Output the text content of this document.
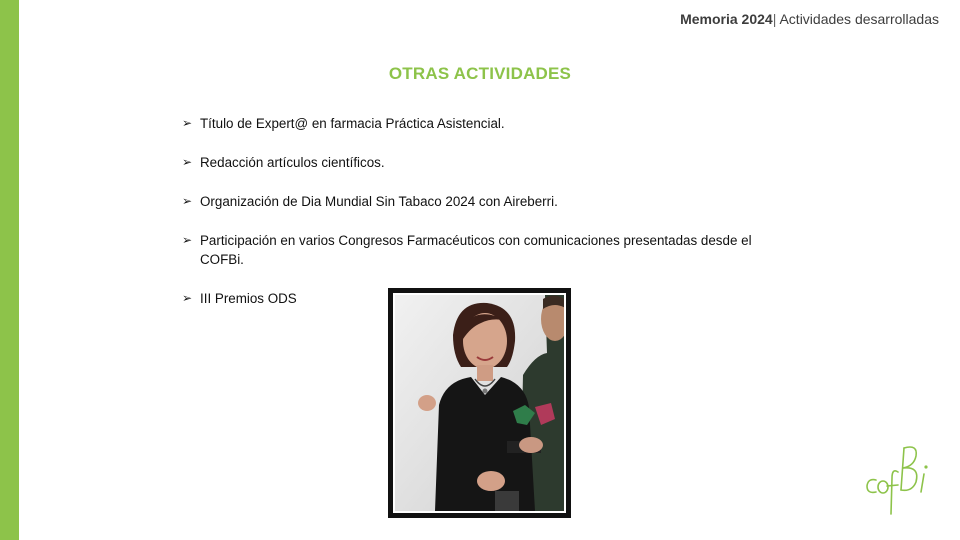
Memoria 2024| Actividades desarrolladas
OTRAS ACTIVIDADES
➢ Título de Expert@ en farmacia Práctica Asistencial.
➢ Redacción artículos científicos.
➢ Organización de Dia Mundial Sin Tabaco 2024 con Aireberri.
➢ Participación en varios Congresos Farmacéuticos con comunicaciones presentadas desde el COFBi.
➢ III Premios ODS
